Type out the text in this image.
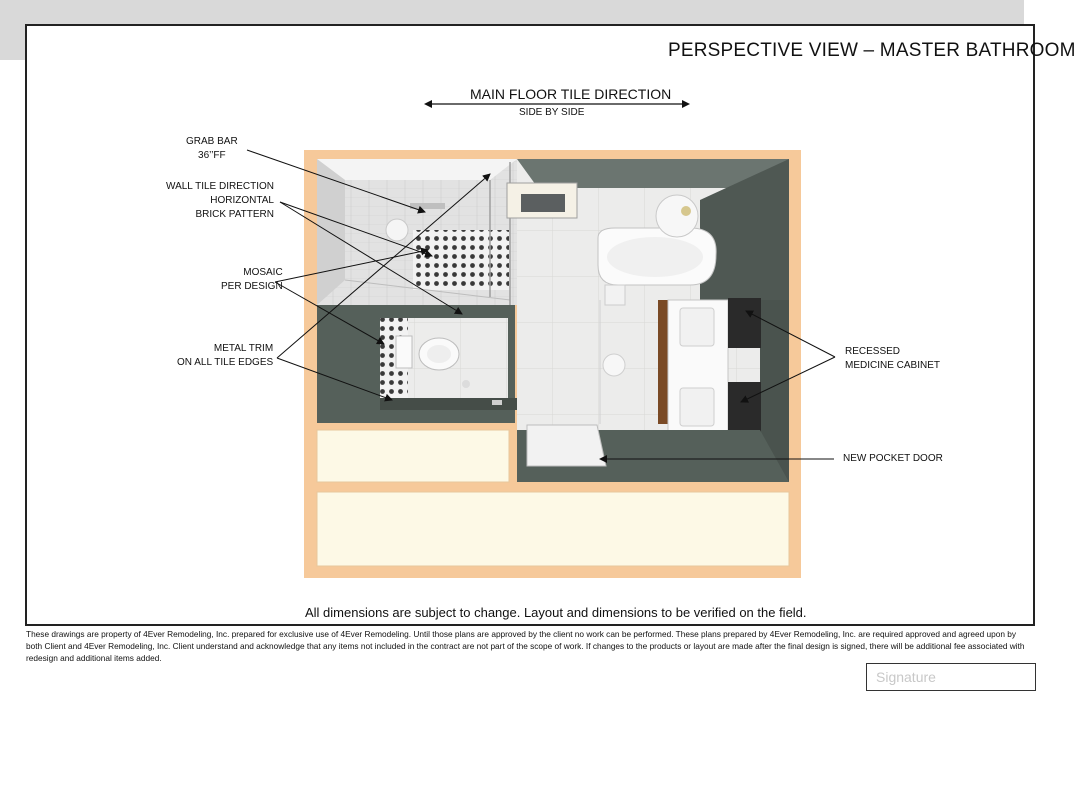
PERSPECTIVE VIEW – MASTER BATHROOM
MAIN FLOOR TILE DIRECTION
SIDE BY SIDE
GRAB BAR
36’’FF
WALL TILE DIRECTION
HORIZONTAL
BRICK PATTERN
MOSAIC
PER DESIGN
METAL TRIM
ON ALL TILE EDGES
RECESSED
MEDICINE CABINET
NEW POCKET DOOR
All dimensions are subject to change. Layout and dimensions to be verified on the field.
These drawings are property of 4Ever Remodeling, Inc. prepared for exclusive use of 4Ever Remodeling. Until those plans are approved by the client no work can be performed. These plans prepared by 4Ever Remodeling, Inc. are required approved and agreed upon by both Client and 4Ever Remodeling, Inc. Client understand and acknowledge that any items not included in the contract are not part of the scope of work. If changes to the products or layout are made after the final design is signed, there will be additional fee associated with redesign and additional items added.
Signature
